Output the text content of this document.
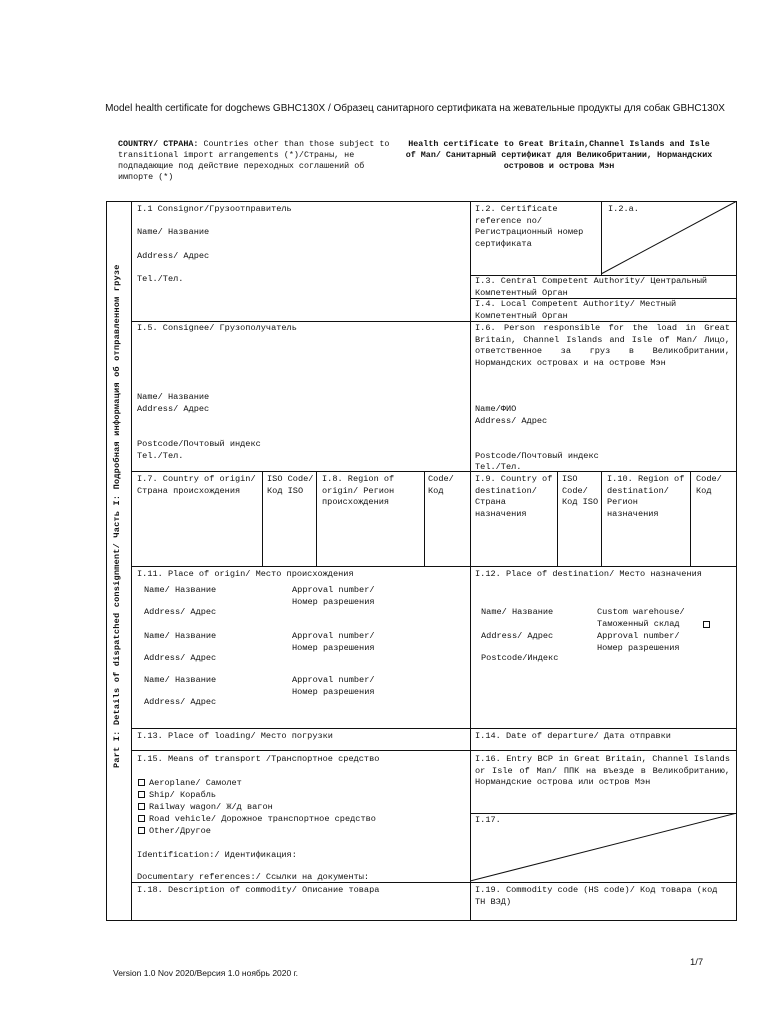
Model health certificate for dogchews GBHC130X / Образец санитарного сертификата на жевательные продукты для собак GBHC130X
COUNTRY/ СТРАНА: Countries other than those subject to transitional import arrangements (*)/Страны, не подпадающие под действие переходных соглашений об импорте (*)
Health certificate to Great Britain,Channel Islands and Isle of Man/ Санитарный сертификат для Великобритании, Нормандских островов и острова Мэн
Part I: Details of dispatched consignment/ Часть I: Подробная информация об отправленном грузе
I.1 Consignor/Грузоотправитель
Name/ Название
Address/ Адрес
Tel./Тел.
I.2. Certificate reference no/ Регистрационный номер сертификата
I.2.a.
I.3. Central Competent Authority/ Центральный Компетентный Орган
I.4. Local Competent Authority/ Местный Компетентный Орган
I.5. Consignee/ Грузополучатель
Name/ Название
Address/ Адрес
Postcode/Почтовый индекс
Tel./Тел.
I.6. Person responsible for the load in Great Britain, Channel Islands and Isle of Man/ Лицо, ответственное за груз в Великобритании, Нормандских островах и на острове Мэн
Name/ФИО
Address/ Адрес
Postcode/Почтовый индекс
Tel./Тел.
I.7. Country of origin/ Страна происхождения
ISO Code/ Код ISO
I.8. Region of origin/ Регион происхождения
Code/ Код
I.9. Country of destination/ Страна назначения
ISO Code/ Код ISO
I.10. Region of destination/ Регион назначения
Code/ Код
I.11. Place of origin/ Место происхождения
Name/ Название	Approval number/ Номер разрешения
Address/ Адрес
Name/ Название	Approval number/ Номер разрешения
Address/ Адрес
Name/ Название	Approval number/ Номер разрешения
Address/ Адрес
I.12. Place of destination/ Место назначения
Name/ Название
Address/ Адрес
Postcode/Индекс
Custom warehouse/ Таможенный склад
Approval number/ Номер разрешения
I.13. Place of loading/ Место погрузки	I.14. Date of departure/ Дата отправки
I.15. Means of transport /Транспортное средство
Aeroplane/ Самолет
Ship/ Корабль
Railway wagon/ Ж/д вагон
Road vehicle/ Дорожное транспортное средство
Other/Другое
Identification:/ Идентификация:
Documentary references:/ Ссылки на документы:
I.16. Entry BCP in Great Britain, Channel Islands or Isle of Man/ ППК на въезде в Великобританию, Нормандские острова или остров Мэн
I.17.
I.18. Description of commodity/ Описание товара	I.19. Commodity code (HS code)/ Код товара (код ТН ВЭД)
1/7
Version 1.0 Nov 2020/Версия 1.0 ноябрь 2020 г.
